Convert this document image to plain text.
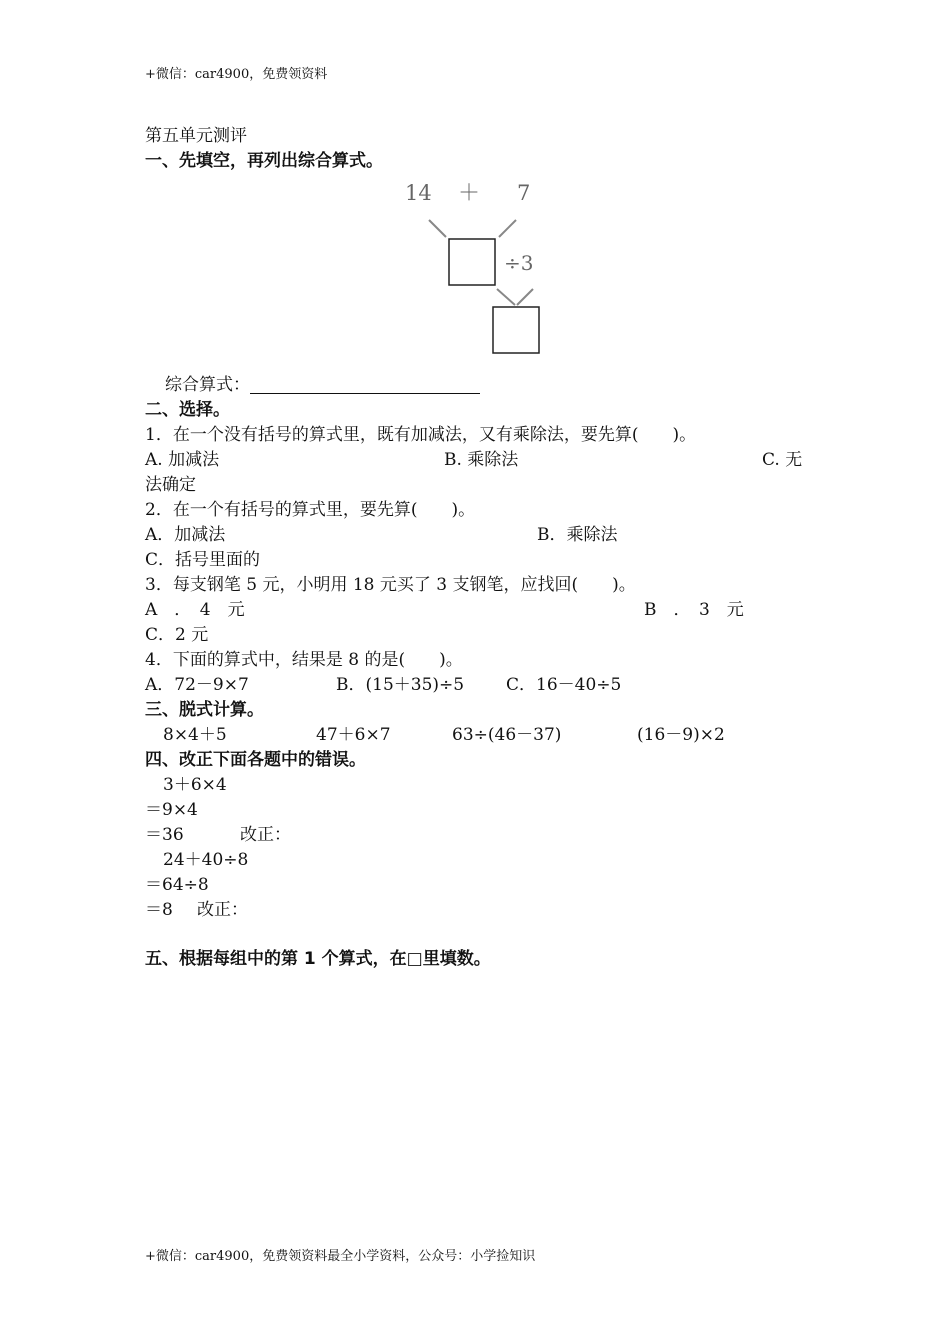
+微信：car4900，免费领资料
第五单元测评
一、先填空，再列出综合算式。
14 ＋ 7
÷3
综合算式：
二、选择。
1．在一个没有括号的算式里，既有加减法，又有乘除法，要先算(　　)。
A. 加减法	B. 乘除法	C. 无
法确定
2．在一个有括号的算式里，要先算(　　)。
A．加减法	B．乘除法
C．括号里面的
3．每支钢笔 5 元，小明用 18 元买了 3 支钢笔，应找回(　　)。
A　．　4　元	B　．　3　元
C．2 元
4．下面的算式中，结果是 8 的是(　　)。
A．72－9×7	B．(15＋35)÷5 C．16－40÷5
三、脱式计算。
8×4＋5	47＋6×7	63÷(46－37)	(16－9)×2
四、改正下面各题中的错误。
3＋6×4
＝9×4
＝36	改正：
24＋40÷8
＝64÷8
＝8 改正：
五、根据每组中的第 1 个算式，在□里填数。
+微信：car4900，免费领资料最全小学资料，公众号：小学捡知识
